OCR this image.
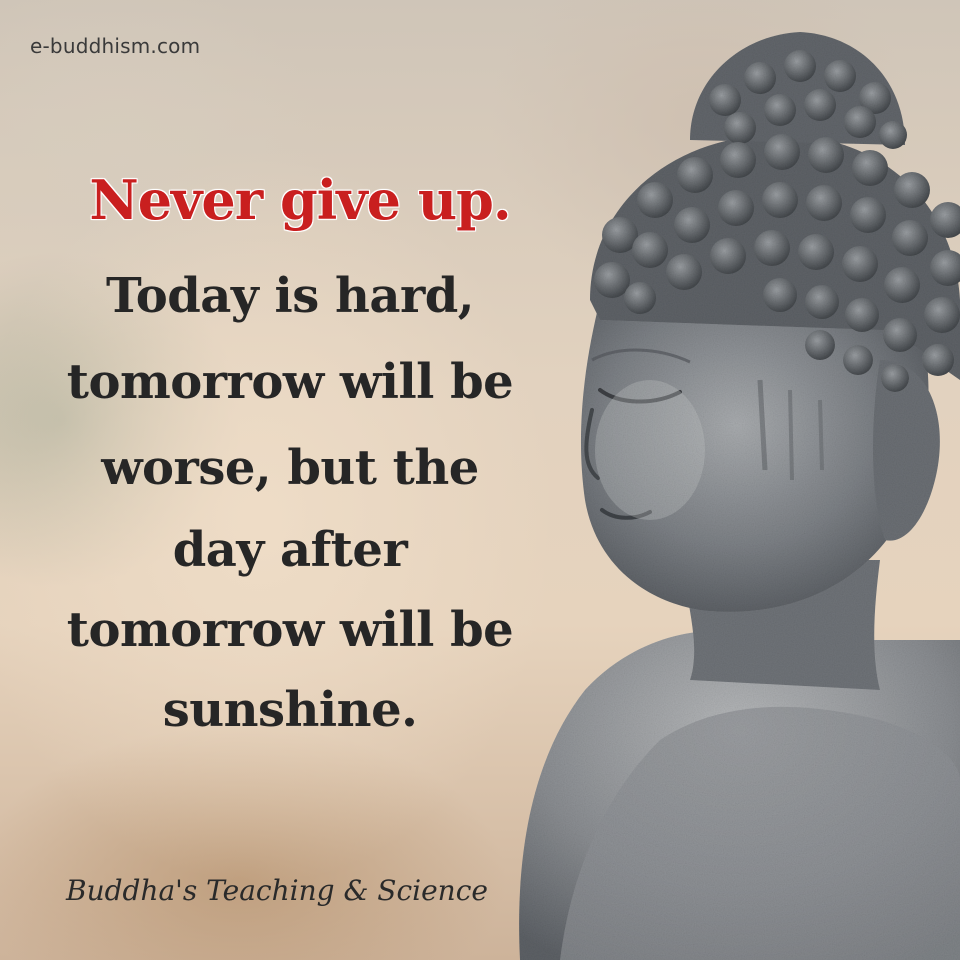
e-buddhism.com
Never give up.
Today is hard,
tomorrow will be
worse, but the
day after
tomorrow will be
sunshine.
Buddha's Teaching & Science
